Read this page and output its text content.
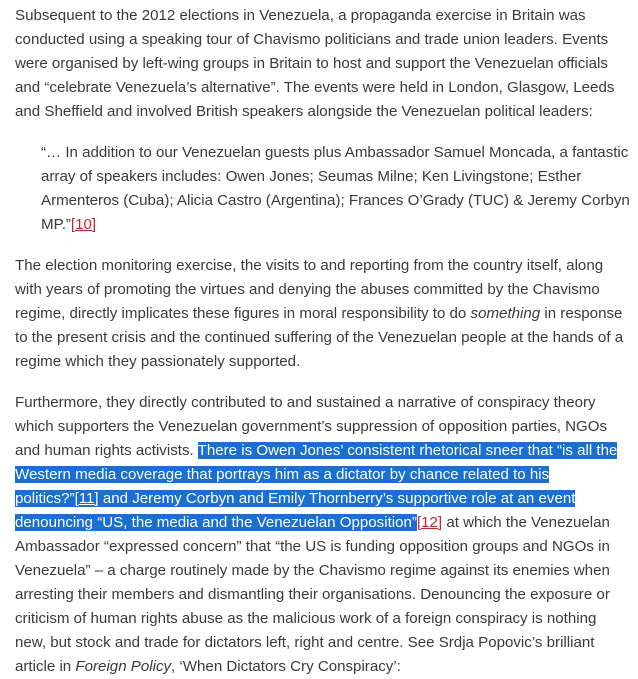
Subsequent to the 2012 elections in Venezuela, a propaganda exercise in Britain was conducted using a speaking tour of Chavismo politicians and trade union leaders. Events were organised by left-wing groups in Britain to host and support the Venezuelan officials and “celebrate Venezuela’s alternative”. The events were held in London, Glasgow, Leeds and Sheffield and involved British speakers alongside the Venezuelan political leaders:

“… In addition to our Venezuelan guests plus Ambassador Samuel Moncada, a fantastic array of speakers includes: Owen Jones; Seumas Milne; Ken Livingstone; Esther Armenteros (Cuba); Alicia Castro (Argentina); Frances O’Grady (TUC) & Jeremy Corbyn MP.”[10]

The election monitoring exercise, the visits to and reporting from the country itself, along with years of promoting the virtues and denying the abuses committed by the Chavismo regime, directly implicates these figures in moral responsibility to do something in response to the present crisis and the continued suffering of the Venezuelan people at the hands of a regime which they passionately supported.

Furthermore, they directly contributed to and sustained a narrative of conspiracy theory which supporters the Venezuelan government’s suppression of opposition parties, NGOs and human rights activists. There is Owen Jones’ consistent rhetorical sneer that “is all the Western media coverage that portrays him as a dictator by chance related to his politics?”[11] and Jeremy Corbyn and Emily Thornberry’s supportive role at an event denouncing “US, the media and the Venezuelan Opposition”[12] at which the Venezuelan Ambassador “expressed concern” that “the US is funding opposition groups and NGOs in Venezuela” – a charge routinely made by the Chavismo regime against its enemies when arresting their members and dismantling their organisations. Denouncing the exposure or criticism of human rights abuse as the malicious work of a foreign conspiracy is nothing new, but stock and trade for dictators left, right and centre. See Srdja Popovic’s brilliant article in Foreign Policy, ‘When Dictators Cry Conspiracy’:
